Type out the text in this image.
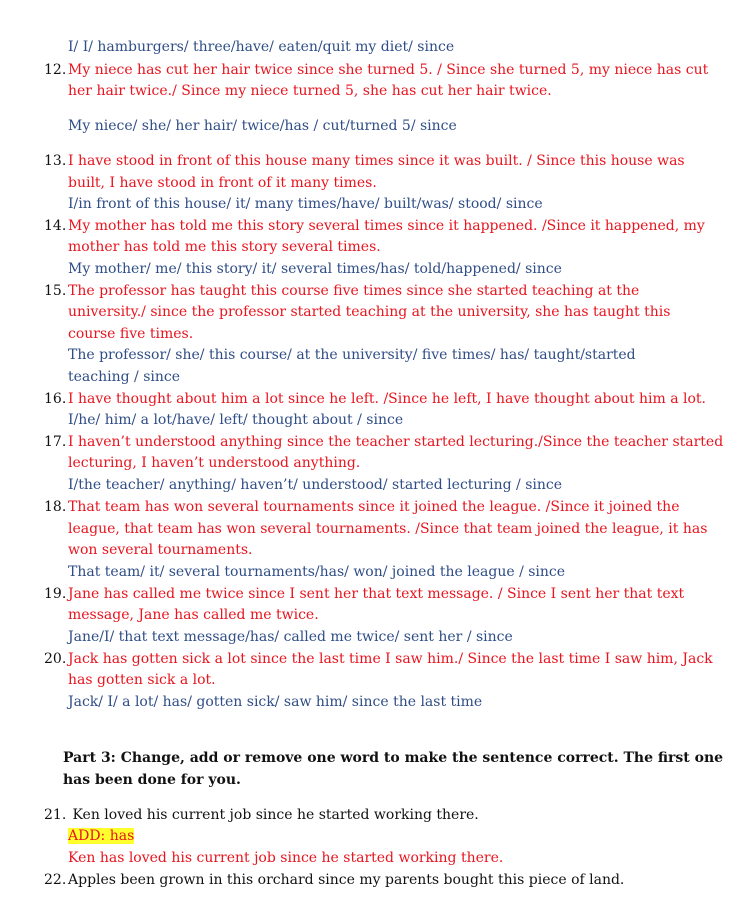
I/ I/ hamburgers/ three/have/ eaten/quit my diet/ since
12. My niece has cut her hair twice since she turned 5. / Since she turned 5, my niece has cut
her hair twice./ Since my niece turned 5, she has cut her hair twice.
My niece/ she/ her hair/ twice/has / cut/turned 5/ since
13. I have stood in front of this house many times since it was built. / Since this house was
built, I have stood in front of it many times.
I/in front of this house/ it/ many times/have/ built/was/ stood/ since
14. My mother has told me this story several times since it happened. /Since it happened, my
mother has told me this story several times.
My mother/ me/ this story/ it/ several times/has/ told/happened/ since
15. The professor has taught this course five times since she started teaching at the
university./ since the professor started teaching at the university, she has taught this
course five times.
The professor/ she/ this course/ at the university/ five times/ has/ taught/started
teaching / since
16. I have thought about him a lot since he left. /Since he left, I have thought about him a lot.
I/he/ him/ a lot/have/ left/ thought about / since
17. I haven’t understood anything since the teacher started lecturing./Since the teacher started
lecturing, I haven’t understood anything.
I/the teacher/ anything/ haven’t/ understood/ started lecturing / since
18. That team has won several tournaments since it joined the league. /Since it joined the
league, that team has won several tournaments. /Since that team joined the league, it has
won several tournaments.
That team/ it/ several tournaments/has/ won/ joined the league / since
19. Jane has called me twice since I sent her that text message. / Since I sent her that text
message, Jane has called me twice.
Jane/I/ that text message/has/ called me twice/ sent her / since
20. Jack has gotten sick a lot since the last time I saw him./ Since the last time I saw him, Jack
has gotten sick a lot.
Jack/ I/ a lot/ has/ gotten sick/ saw him/ since the last time
Part 3: Change, add or remove one word to make the sentence correct. The first one
has been done for you.
21. Ken loved his current job since he started working there.
ADD: has
Ken has loved his current job since he started working there.
22. Apples been grown in this orchard since my parents bought this piece of land.
